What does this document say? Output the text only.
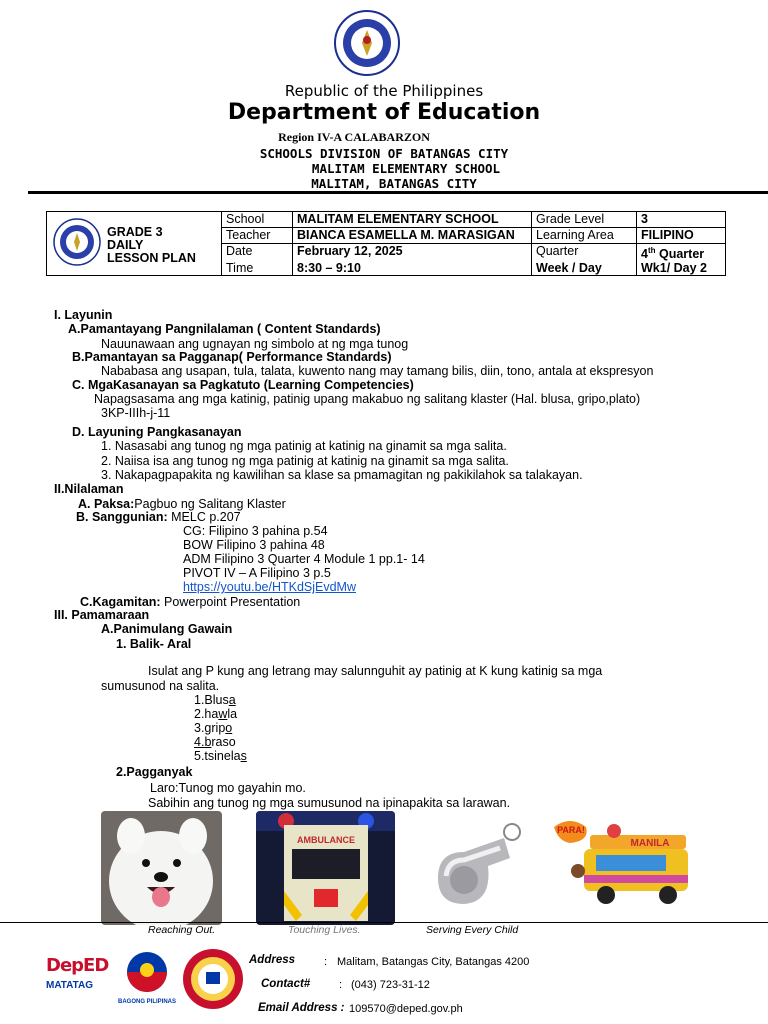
Republic of the Philippines
Department of Education
Region IV-A CALABARZON
SCHOOLS DIVISION OF BATANGAS CITY
MALITAM ELEMENTARY SCHOOL
MALITAM, BATANGAS CITY
GRADE 3
DAILY
LESSON PLAN	School	MALITAM ELEMENTARY SCHOOL	Grade Level	3
	Teacher	BIANCA ESAMELLA M. MARASIGAN	Learning Area	FILIPINO
	Date	February 12, 2025	Quarter	4th Quarter
	Time	8:30 – 9:10	Week / Day	Wk1/ Day 2
I. Layunin
A.Pamantayang Pangnilalaman ( Content Standards)
Nauunawaan ang ugnayan ng simbolo at ng mga tunog
B.Pamantayan sa Pagganap( Performance Standards)
Nababasa ang usapan, tula, talata, kuwento nang may tamang bilis, diin, tono, antala at ekspresyon
C. MgaKasanayan sa Pagkatuto (Learning Competencies)
Napagsasama ang mga katinig, patinig upang makabuo ng salitang klaster (Hal. blusa, gripo,plato)
3KP-IIIh-j-11
D. Layuning Pangkasanayan
1. Nasasabi ang tunog ng mga patinig at katinig na ginamit sa mga salita.
2. Naiisa isa ang tunog ng mga patinig at katinig na ginamit sa mga salita.
3. Nakapagpapakita ng kawilihan sa klase sa pmamagitan ng pakikilahok sa talakayan.
II.Nilalaman
A. Paksa:Pagbuo ng Salitang Klaster
B. Sanggunian: MELC p.207
CG: Filipino 3 pahina p.54
BOW Filipino 3 pahina 48
ADM Filipino 3 Quarter 4 Module 1 pp.1- 14
PIVOT IV – A Filipino 3 p.5
https://youtu.be/HTKdSjEvdMw
C.Kagamitan: Powerpoint Presentation
III. Pamamaraan
A.Panimulang Gawain
1. Balik- Aral
Isulat ang P kung ang letrang may salunnguhit ay patinig at K kung katinig sa mga
sumusunod na salita.
1.Blusa
2.hawla
3.gripo
4.braso
5.tsinelas
2.Pagganyak
Laro:Tunog mo gayahin mo.
Sabihin ang tunog ng mga sumusunod na ipinapakita sa larawan.
AMBULANCE
PARA!
MANILA
Reaching Out.	Touching Lives.	Serving Every Child
DepED
MATATAG
BAGONG PILIPINAS
Address	: Malitam, Batangas City, Batangas 4200
Contact#	: (043) 723-31-12
Email Address : 109570@deped.gov.ph
